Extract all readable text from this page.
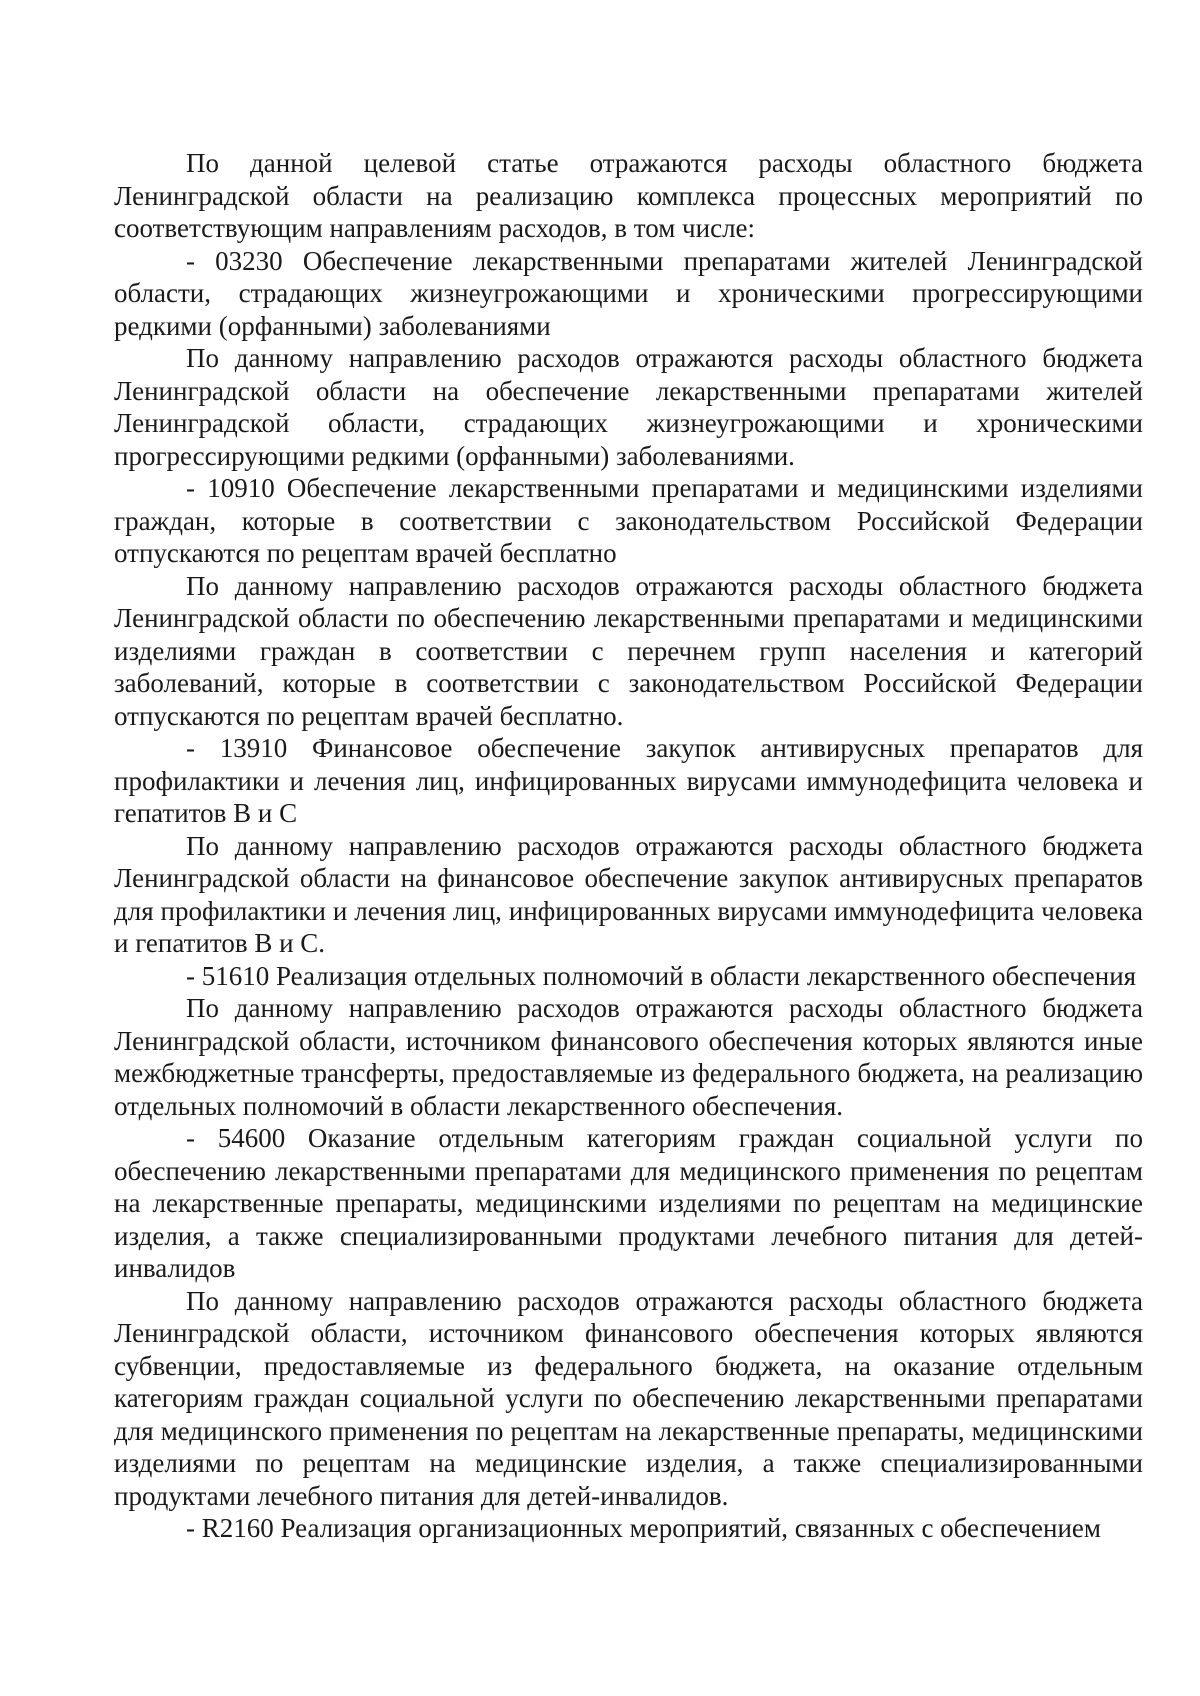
По данной целевой статье отражаются расходы областного бюджета Ленинградской области на реализацию комплекса процессных мероприятий по соответствующим направлениям расходов, в том числе:

- 03230 Обеспечение лекарственными препаратами жителей Ленинградской области, страдающих жизнеугрожающими и хроническими прогрессирующими редкими (орфанными) заболеваниями

По данному направлению расходов отражаются расходы областного бюджета Ленинградской области на обеспечение лекарственными препаратами жителей Ленинградской области, страдающих жизнеугрожающими и хроническими прогрессирующими редкими (орфанными) заболеваниями.

- 10910 Обеспечение лекарственными препаратами и медицинскими изделиями граждан, которые в соответствии с законодательством Российской Федерации отпускаются по рецептам врачей бесплатно

По данному направлению расходов отражаются расходы областного бюджета Ленинградской области по обеспечению лекарственными препаратами и медицинскими изделиями граждан в соответствии с перечнем групп населения и категорий заболеваний, которые в соответствии с законодательством Российской Федерации отпускаются по рецептам врачей бесплатно.

- 13910 Финансовое обеспечение закупок антивирусных препаратов для профилактики и лечения лиц, инфицированных вирусами иммунодефицита человека и гепатитов B и C

По данному направлению расходов отражаются расходы областного бюджета Ленинградской области на финансовое обеспечение закупок антивирусных препаратов для профилактики и лечения лиц, инфицированных вирусами иммунодефицита человека и гепатитов B и C.

- 51610 Реализация отдельных полномочий в области лекарственного обеспечения

По данному направлению расходов отражаются расходы областного бюджета Ленинградской области, источником финансового обеспечения которых являются иные межбюджетные трансферты, предоставляемые из федерального бюджета, на реализацию отдельных полномочий в области лекарственного обеспечения.

- 54600 Оказание отдельным категориям граждан социальной услуги по обеспечению лекарственными препаратами для медицинского применения по рецептам на лекарственные препараты, медицинскими изделиями по рецептам на медицинские изделия, а также специализированными продуктами лечебного питания для детей-инвалидов

По данному направлению расходов отражаются расходы областного бюджета Ленинградской области, источником финансового обеспечения которых являются субвенции, предоставляемые из федерального бюджета, на оказание отдельным категориям граждан социальной услуги по обеспечению лекарственными препаратами для медицинского применения по рецептам на лекарственные препараты, медицинскими изделиями по рецептам на медицинские изделия, а также специализированными продуктами лечебного питания для детей-инвалидов.

- R2160 Реализация организационных мероприятий, связанных с обеспечением
